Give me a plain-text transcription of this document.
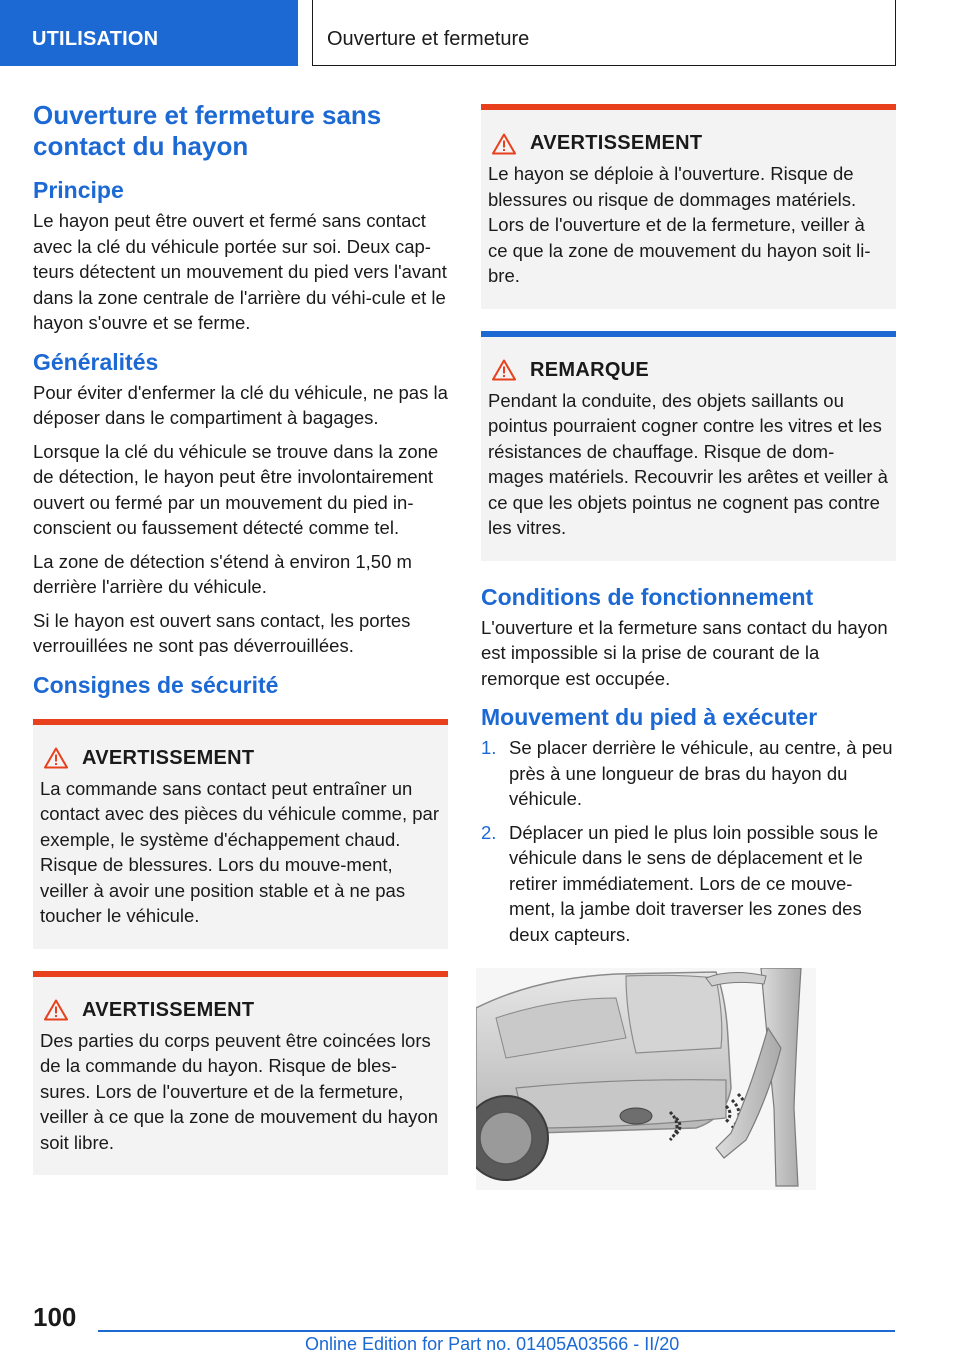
UTILISATION	Ouverture et fermeture
Ouverture et fermeture sans contact du hayon
Principe

Le hayon peut être ouvert et fermé sans contact avec la clé du véhicule portée sur soi. Deux cap-teurs détectent un mouvement du pied vers l'avant dans la zone centrale de l'arrière du véhi-cule et le hayon s'ouvre et se ferme.

Généralités

Pour éviter d'enfermer la clé du véhicule, ne pas la déposer dans le compartiment à bagages.

Lorsque la clé du véhicule se trouve dans la zone de détection, le hayon peut être involontairement ouvert ou fermé par un mouvement du pied in-conscient ou faussement détecté comme tel.

La zone de détection s'étend à environ 1,50 m derrière l'arrière du véhicule.

Si le hayon est ouvert sans contact, les portes verrouillées ne sont pas déverrouillées.

Consignes de sécurité
AVERTISSEMENT
La commande sans contact peut entraîner un contact avec des pièces du véhicule comme, par exemple, le système d'échappement chaud. Risque de blessures. Lors du mouve-ment, veiller à avoir une position stable et à ne pas toucher le véhicule.
AVERTISSEMENT
Des parties du corps peuvent être coincées lors de la commande du hayon. Risque de bles-sures. Lors de l'ouverture et de la fermeture, veiller à ce que la zone de mouvement du hayon soit libre.
AVERTISSEMENT
Le hayon se déploie à l'ouverture. Risque de blessures ou risque de dommages matériels. Lors de l'ouverture et de la fermeture, veiller à ce que la zone de mouvement du hayon soit li-bre.
REMARQUE
Pendant la conduite, des objets saillants ou pointus pourraient cogner contre les vitres et les résistances de chauffage. Risque de dom-mages matériels. Recouvrir les arêtes et veiller à ce que les objets pointus ne cognent pas contre les vitres.
Conditions de fonctionnement

L'ouverture et la fermeture sans contact du hayon est impossible si la prise de courant de la remorque est occupée.

Mouvement du pied à exécuter
1. Se placer derrière le véhicule, au centre, à peu près à une longueur de bras du hayon du véhicule.
2. Déplacer un pied le plus loin possible sous le véhicule dans le sens de déplacement et le retirer immédiatement. Lors de ce mouve-ment, la jambe doit traverser les zones des deux capteurs.
100
Online Edition for Part no. 01405A03566 - II/20
